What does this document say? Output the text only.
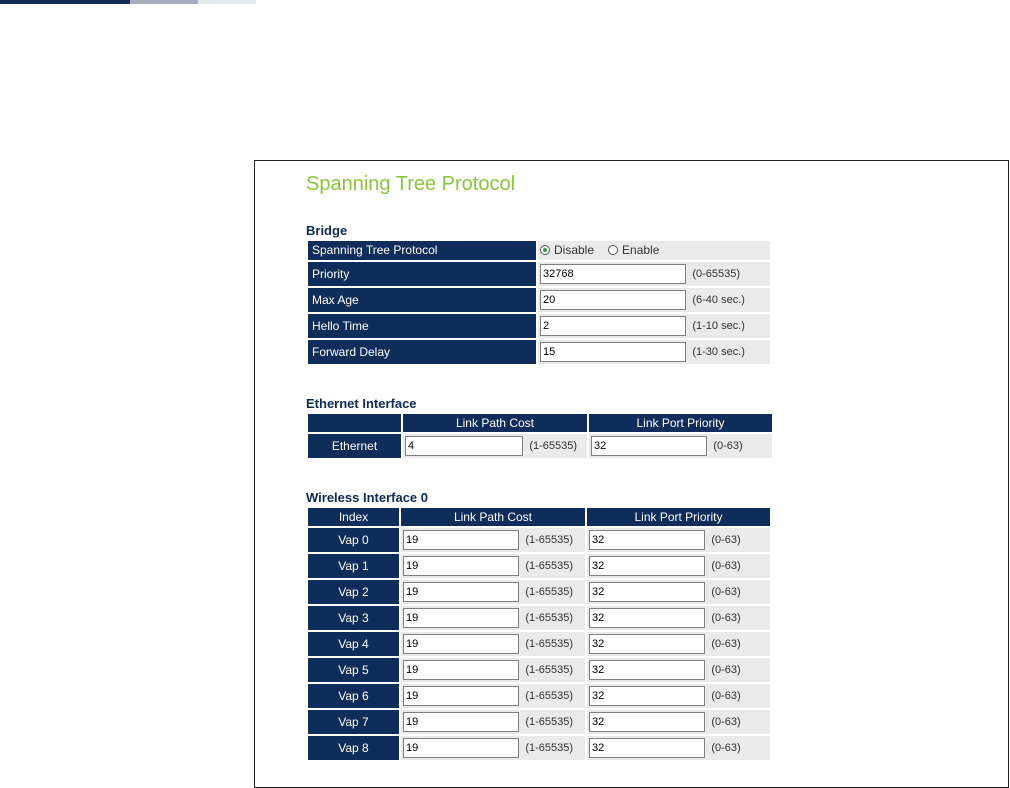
Spanning Tree Protocol
Bridge
Spanning Tree Protocol	Disable Enable

Priority	32768(0-65535)
Max Age	20(6-40 sec.)
Hello Time	2(1-10 sec.)
Forward Delay	15(1-30 sec.)
Ethernet Interface
	Link Path Cost	Link Port Priority
Ethernet	4(1-65535)	32(0-63)
Wireless Interface 0
Index	Link Path Cost	Link Port Priority
Vap 0	19(1-65535)	32(0-63)
Vap 1	19(1-65535)	32(0-63)
Vap 2	19(1-65535)	32(0-63)
Vap 3	19(1-65535)	32(0-63)
Vap 4	19(1-65535)	32(0-63)
Vap 5	19(1-65535)	32(0-63)
Vap 6	19(1-65535)	32(0-63)
Vap 7	19(1-65535)	32(0-63)
Vap 8	19(1-65535)	32(0-63)
